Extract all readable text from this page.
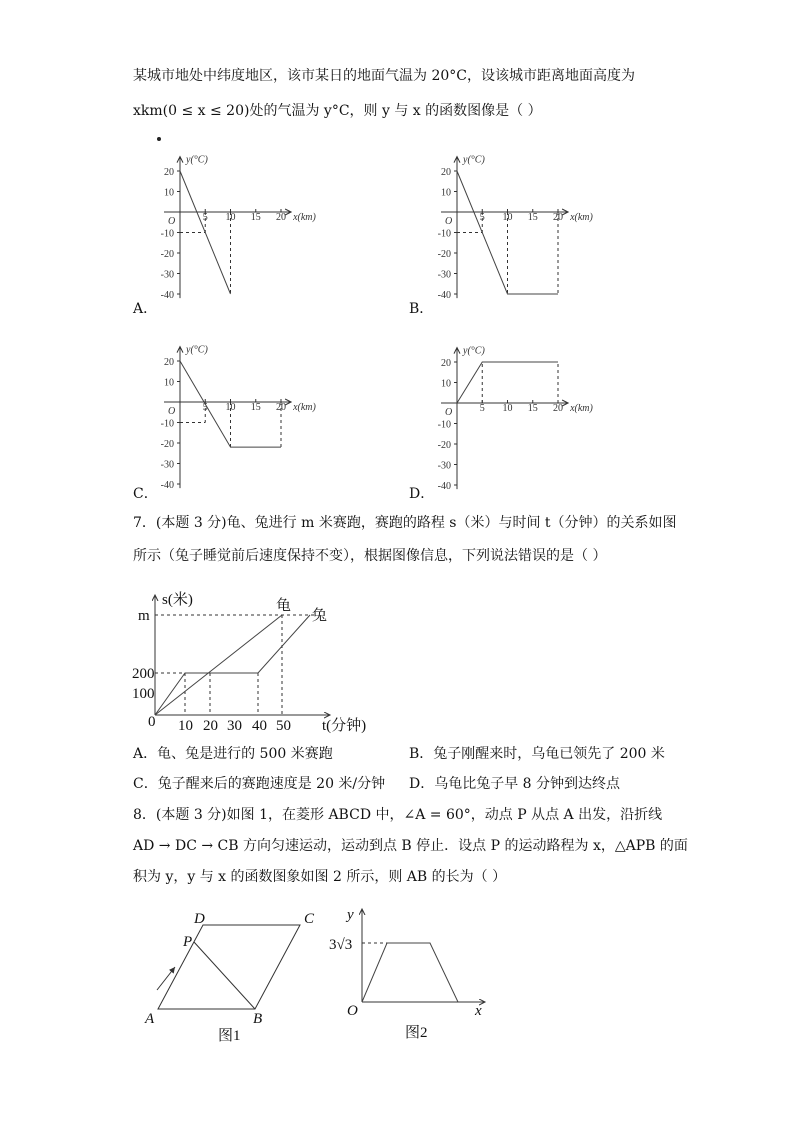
某城市地处中纬度地区，该市某日的地面气温为 20°C，设该城市距离地面高度为
xkm(0 ≤ x ≤ 20)处的气温为 y°C，则 y 与 x 的函数图像是（ ）
y(°C)
x(km)
O
20
10
-10
-20
-30
-40
5 10 15 20
A．
y(°C)
x(km)
O
20
10
-10
-20
-30
-40
5 10 15 20
B．
y(°C)
x(km)
O
20
10
-10
-20
-30
-40
5 10 15 20
C．
y(°C)
x(km)
O
20
10
-10
-20
-30
-40
5 10 15 20
D．
7．(本题 3 分)龟、兔进行 m 米赛跑，赛跑的路程 s（米）与时间 t（分钟）的关系如图
所示（兔子睡觉前后速度保持不变），根据图像信息，下列说法错误的是（ ）
s(米)
t(分钟)
0
m
200
100
10 20 30 40 50
龟
兔
A．龟、兔是进行的 500 米赛跑	B．兔子刚醒来时，乌龟已领先了 200 米
C．兔子醒来后的赛跑速度是 20 米/分钟 D．乌龟比兔子早 8 分钟到达终点
8．(本题 3 分)如图 1，在菱形 ABCD 中，∠A = 60°，动点 P 从点 A 出发，沿折线
AD → DC → CB 方向匀速运动，运动到点 B 停止．设点 P 的运动路程为 x，△APB 的面
积为 y，y 与 x 的函数图象如图 2 所示，则 AB 的长为（ ）
A	B
C
D
P
图1
y
x
O
3√3
图2
